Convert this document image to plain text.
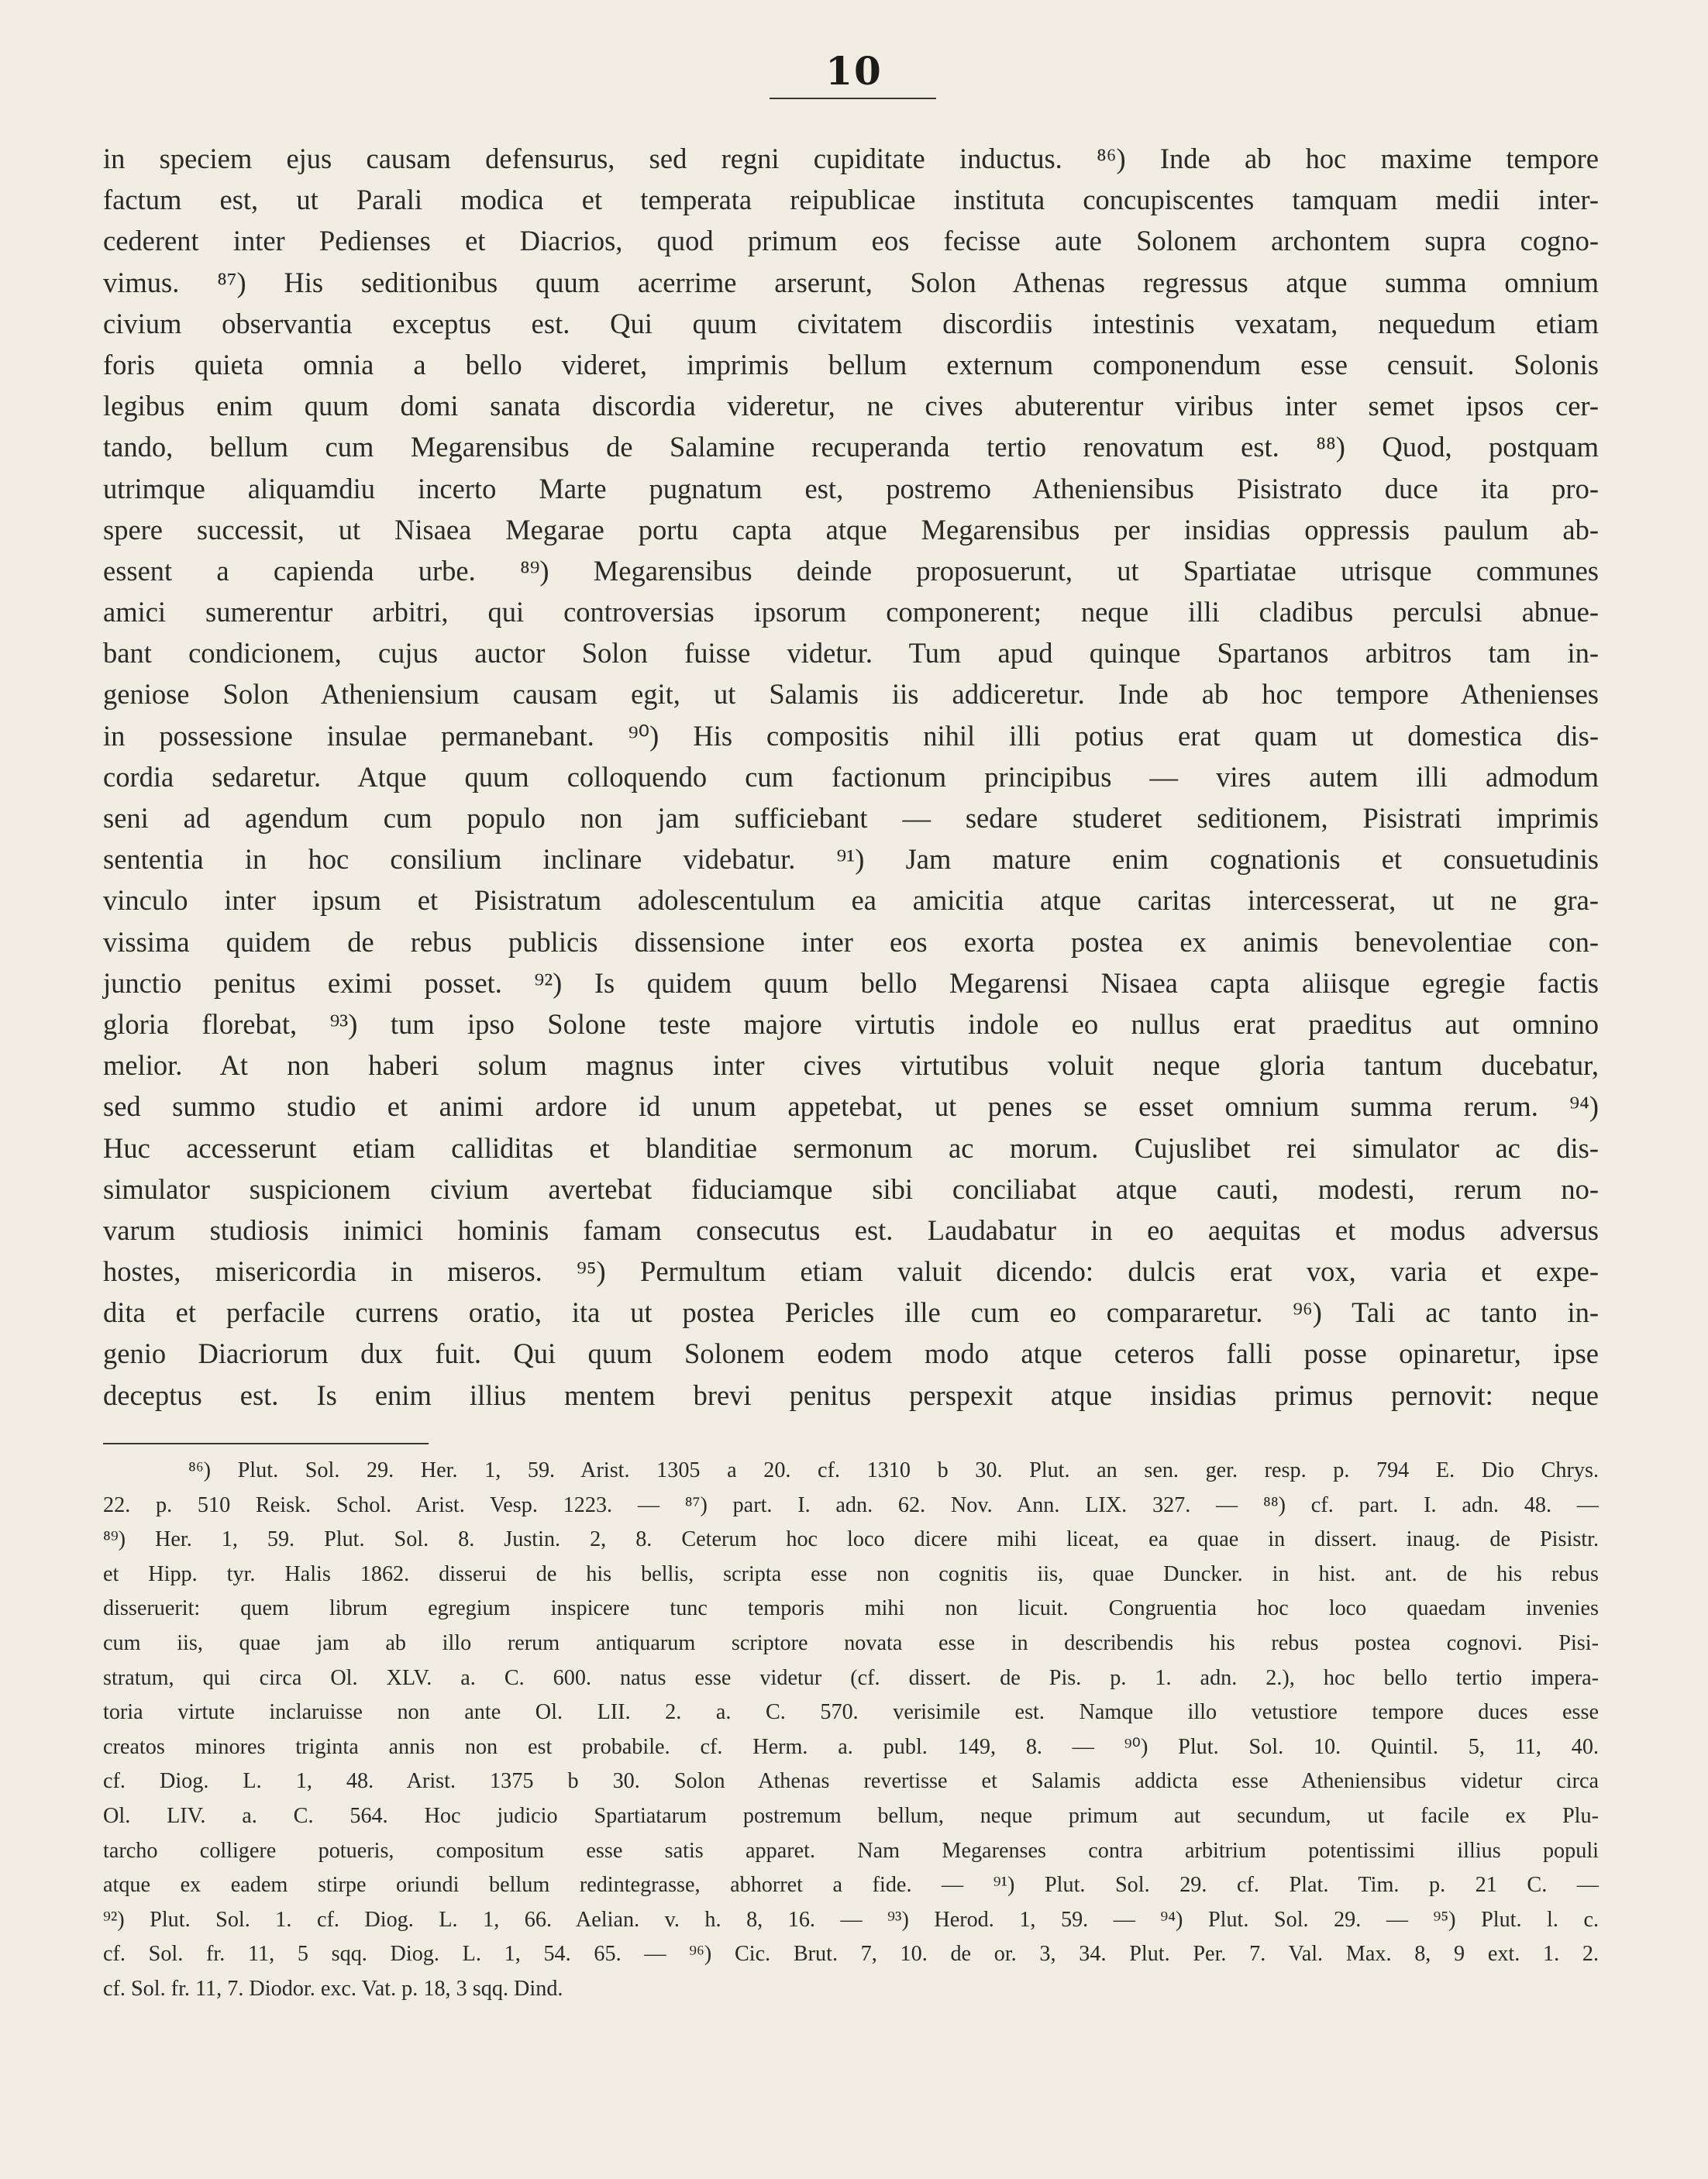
10
in speciem ejus causam defensurus, sed regni cupiditate inductus. ⁸⁶) Inde ab hoc maxime tempore
factum est, ut Parali modica et temperata reipublicae instituta concupiscentes tamquam medii inter-
cederent inter Pedienses et Diacrios, quod primum eos fecisse aute Solonem archontem supra cogno-
vimus. ⁸⁷) His seditionibus quum acerrime arserunt, Solon Athenas regressus atque summa omnium
civium observantia exceptus est. Qui quum civitatem discordiis intestinis vexatam, nequedum etiam
foris quieta omnia a bello videret, imprimis bellum externum componendum esse censuit. Solonis
legibus enim quum domi sanata discordia videretur, ne cives abuterentur viribus inter semet ipsos cer-
tando, bellum cum Megarensibus de Salamine recuperanda tertio renovatum est. ⁸⁸) Quod, postquam
utrimque aliquamdiu incerto Marte pugnatum est, postremo Atheniensibus Pisistrato duce ita pro-
spere successit, ut Nisaea Megarae portu capta atque Megarensibus per insidias oppressis paulum ab-
essent a capienda urbe. ⁸⁹) Megarensibus deinde proposuerunt, ut Spartiatae utrisque communes
amici sumerentur arbitri, qui controversias ipsorum componerent; neque illi cladibus perculsi abnue-
bant condicionem, cujus auctor Solon fuisse videtur. Tum apud quinque Spartanos arbitros tam in-
geniose Solon Atheniensium causam egit, ut Salamis iis addiceretur. Inde ab hoc tempore Athenienses
in possessione insulae permanebant. ⁹⁰) His compositis nihil illi potius erat quam ut domestica dis-
cordia sedaretur. Atque quum colloquendo cum factionum principibus — vires autem illi admodum
seni ad agendum cum populo non jam sufficiebant — sedare studeret seditionem, Pisistrati imprimis
sententia in hoc consilium inclinare videbatur. ⁹¹) Jam mature enim cognationis et consuetudinis
vinculo inter ipsum et Pisistratum adolescentulum ea amicitia atque caritas intercesserat, ut ne gra-
vissima quidem de rebus publicis dissensione inter eos exorta postea ex animis benevolentiae con-
junctio penitus eximi posset. ⁹²) Is quidem quum bello Megarensi Nisaea capta aliisque egregie factis
gloria florebat, ⁹³) tum ipso Solone teste majore virtutis indole eo nullus erat praeditus aut omnino
melior. At non haberi solum magnus inter cives virtutibus voluit neque gloria tantum ducebatur,
sed summo studio et animi ardore id unum appetebat, ut penes se esset omnium summa rerum. ⁹⁴)
Huc accesserunt etiam calliditas et blanditiae sermonum ac morum. Cujuslibet rei simulator ac dis-
simulator suspicionem civium avertebat fiduciamque sibi conciliabat atque cauti, modesti, rerum no-
varum studiosis inimici hominis famam consecutus est. Laudabatur in eo aequitas et modus adversus
hostes, misericordia in miseros. ⁹⁵) Permultum etiam valuit dicendo: dulcis erat vox, varia et expe-
dita et perfacile currens oratio, ita ut postea Pericles ille cum eo compararetur. ⁹⁶) Tali ac tanto in-
genio Diacriorum dux fuit. Qui quum Solonem eodem modo atque ceteros falli posse opinaretur, ipse
deceptus est. Is enim illius mentem brevi penitus perspexit atque insidias primus pernovit: neque
⁸⁶) Plut. Sol. 29. Her. 1, 59. Arist. 1305 a 20. cf. 1310 b 30. Plut. an sen. ger. resp. p. 794 E. Dio Chrys.
22. p. 510 Reisk. Schol. Arist. Vesp. 1223. — ⁸⁷) part. I. adn. 62. Nov. Ann. LIX. 327. — ⁸⁸) cf. part. I. adn. 48. —
⁸⁹) Her. 1, 59. Plut. Sol. 8. Justin. 2, 8. Ceterum hoc loco dicere mihi liceat, ea quae in dissert. inaug. de Pisistr.
et Hipp. tyr. Halis 1862. disserui de his bellis, scripta esse non cognitis iis, quae Duncker. in hist. ant. de his rebus
disseruerit: quem librum egregium inspicere tunc temporis mihi non licuit. Congruentia hoc loco quaedam invenies
cum iis, quae jam ab illo rerum antiquarum scriptore novata esse in describendis his rebus postea cognovi. Pisi-
stratum, qui circa Ol. XLV. a. C. 600. natus esse videtur (cf. dissert. de Pis. p. 1. adn. 2.), hoc bello tertio impera-
toria virtute inclaruisse non ante Ol. LII. 2. a. C. 570. verisimile est. Namque illo vetustiore tempore duces esse
creatos minores triginta annis non est probabile. cf. Herm. a. publ. 149, 8. — ⁹⁰) Plut. Sol. 10. Quintil. 5, 11, 40.
cf. Diog. L. 1, 48. Arist. 1375 b 30. Solon Athenas revertisse et Salamis addicta esse Atheniensibus videtur circa
Ol. LIV. a. C. 564. Hoc judicio Spartiatarum postremum bellum, neque primum aut secundum, ut facile ex Plu-
tarcho colligere potueris, compositum esse satis apparet. Nam Megarenses contra arbitrium potentissimi illius populi
atque ex eadem stirpe oriundi bellum redintegrasse, abhorret a fide. — ⁹¹) Plut. Sol. 29. cf. Plat. Tim. p. 21 C. —
⁹²) Plut. Sol. 1. cf. Diog. L. 1, 66. Aelian. v. h. 8, 16. — ⁹³) Herod. 1, 59. — ⁹⁴) Plut. Sol. 29. — ⁹⁵) Plut. l. c.
cf. Sol. fr. 11, 5 sqq. Diog. L. 1, 54. 65. — ⁹⁶) Cic. Brut. 7, 10. de or. 3, 34. Plut. Per. 7. Val. Max. 8, 9 ext. 1. 2.
cf. Sol. fr. 11, 7. Diodor. exc. Vat. p. 18, 3 sqq. Dind.
